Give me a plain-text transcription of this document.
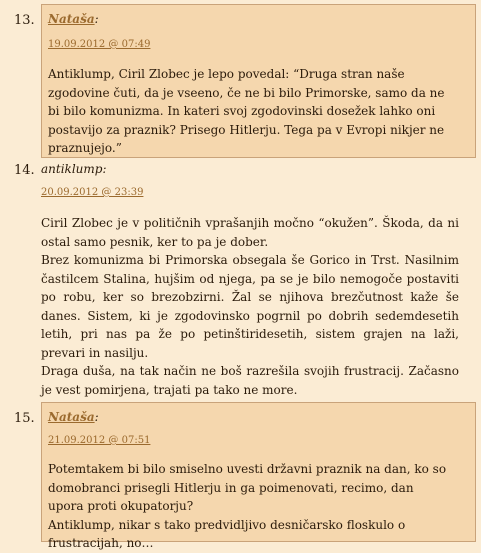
13. Nataša:
19.09.2012 @ 07:49

Antiklump, Ciril Zlobec je lepo povedal: “Druga stran naše zgodovine čuti, da je vseeno, če ne bi bilo Primorske, samo da ne bi bilo komunizma. In kateri svoj zgodovinski dosežek lahko oni postavijo za praznik? Prisego Hitlerju. Tega pa v Evropi nikjer ne praznujejo.”

14. antiklump:
20.09.2012 @ 23:39

Ciril Zlobec je v političnih vprašanjih močno “okužen”. Škoda, da ni ostal samo pesnik, ker to pa je dober.

Brez komunizma bi Primorska obsegala še Gorico in Trst. Nasilnim častilcem Stalina, hujšim od njega, pa se je bilo nemogoče postaviti po robu, ker so brezobzirni. Žal se njihova brezčutnost kaže še danes. Sistem, ki je zgodovinsko pogrnil po dobrih sedemdesetih letih, pri nas pa že po petinštiridesetih, sistem grajen na laži, prevari in nasilju.

Draga duša, na tak način ne boš razrešila svojih frustracij. Začasno je vest pomirjena, trajati pa tako ne more.

15. Nataša:
21.09.2012 @ 07:51

Potemtakem bi bilo smiselno uvesti državni praznik na dan, ko so domobranci prisegli Hitlerju in ga poimenovati, recimo, dan upora proti okupatorju?

Antiklump, nikar s tako predvidljivo desničarsko floskulo o frustracijah, no…
